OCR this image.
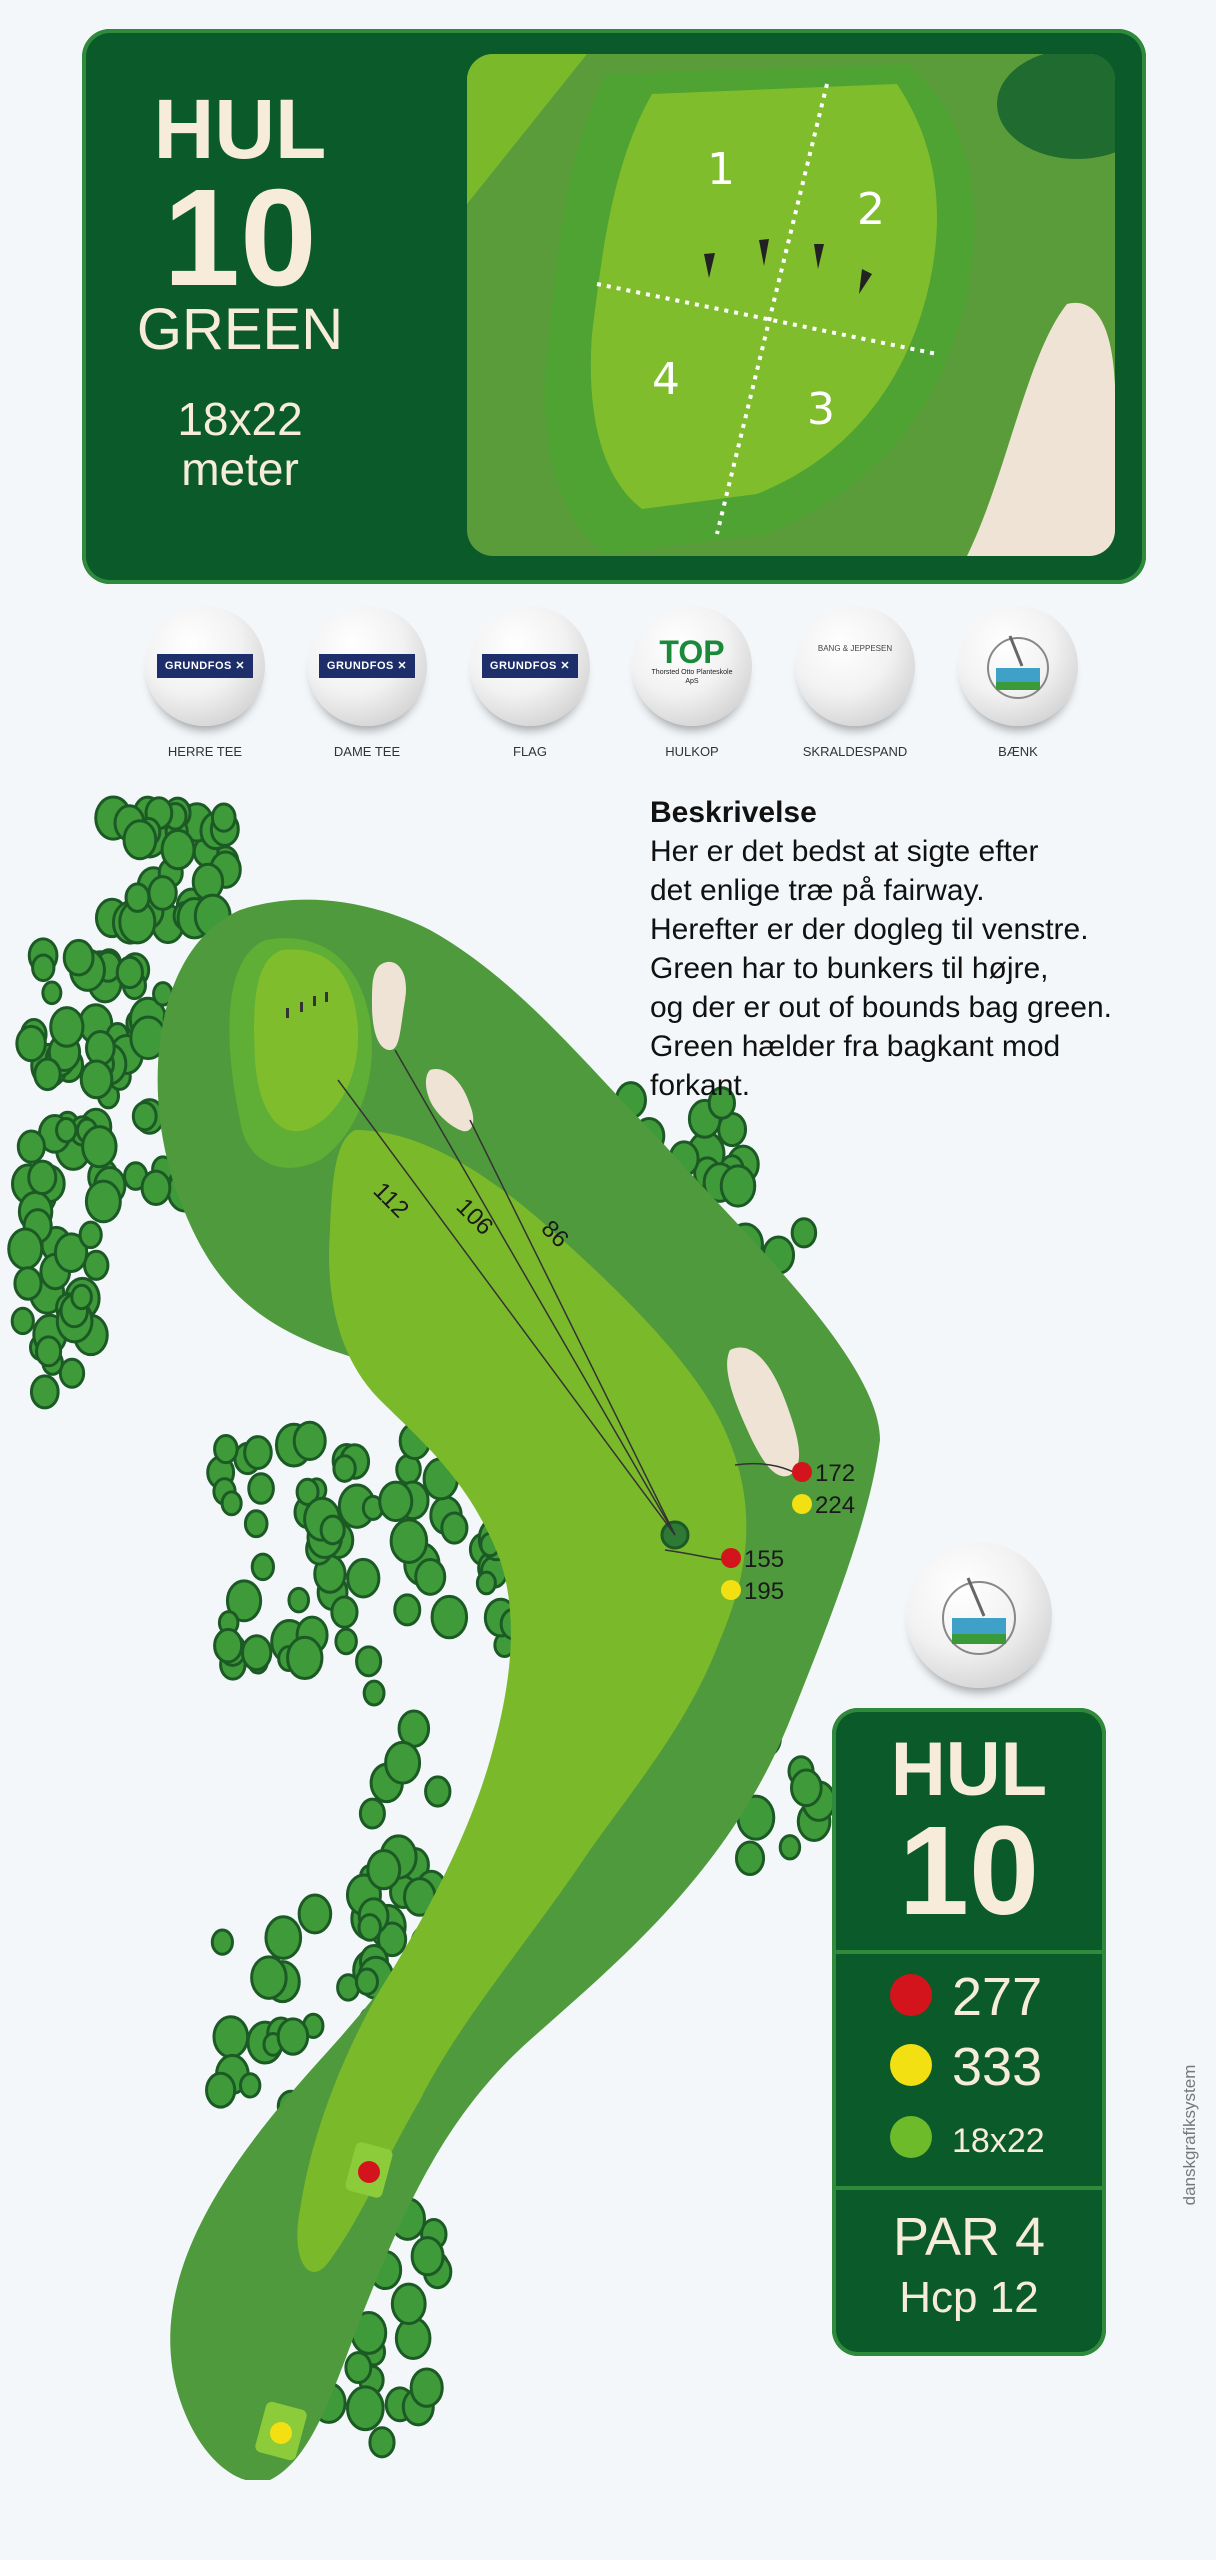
HUL
10
GREEN
18x22
meter
1
2
3
4
GRUNDFOS ✕
HERRE TEE
GRUNDFOS ✕
DAME TEE
GRUNDFOS ✕
FLAG
TOP
Thorsted Otto Planteskole ApS
HULKOP
BANG & JEPPESEN
SKRALDESPAND	BÆNK
112 106 86
172
224
155
195
Beskrivelse
Her er det bedst at sigte efter
det enlige træ på fairway.
Herefter er der dogleg til venstre.
Green har to bunkers til højre,
og der er out of bounds bag green.
Green hælder fra bagkant mod
forkant.
HUL
10
277
333
18x22
PAR 4
Hcp 12
danskgrafiksystem
